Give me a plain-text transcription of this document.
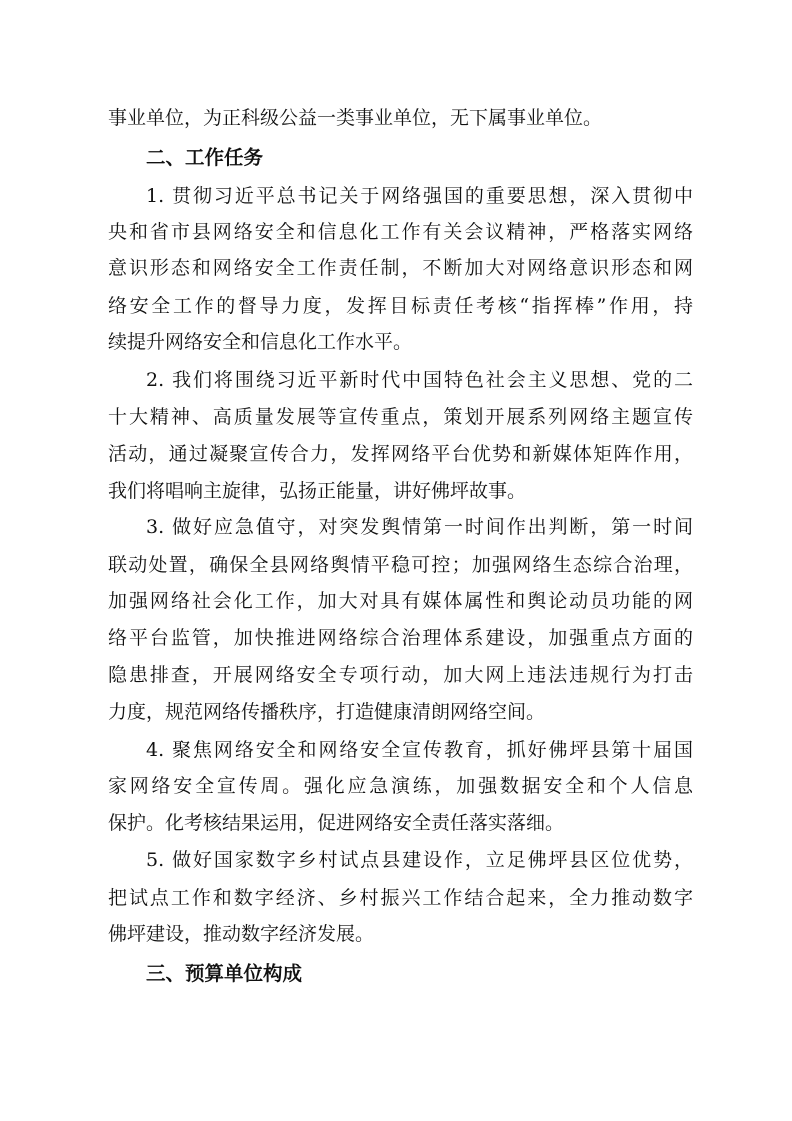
事业单位，为正科级公益一类事业单位，无下属事业单位。
二、工作任务
1. 贯彻习近平总书记关于网络强国的重要思想，深入贯彻中
央和省市县网络安全和信息化工作有关会议精神，严格落实网络
意识形态和网络安全工作责任制，不断加大对网络意识形态和网
络安全工作的督导力度，发挥目标责任考核“指挥棒”作用，持
续提升网络安全和信息化工作水平。
2. 我们将围绕习近平新时代中国特色社会主义思想、党的二
十大精神、高质量发展等宣传重点，策划开展系列网络主题宣传
活动，通过凝聚宣传合力，发挥网络平台优势和新媒体矩阵作用，
我们将唱响主旋律，弘扬正能量，讲好佛坪故事。
3. 做好应急值守，对突发舆情第一时间作出判断，第一时间
联动处置，确保全县网络舆情平稳可控；加强网络生态综合治理，
加强网络社会化工作，加大对具有媒体属性和舆论动员功能的网
络平台监管，加快推进网络综合治理体系建设，加强重点方面的
隐患排查，开展网络安全专项行动，加大网上违法违规行为打击
力度，规范网络传播秩序，打造健康清朗网络空间。
4. 聚焦网络安全和网络安全宣传教育，抓好佛坪县第十届国
家网络安全宣传周。强化应急演练，加强数据安全和个人信息
保护。化考核结果运用，促进网络安全责任落实落细。
5. 做好国家数字乡村试点县建设作，立足佛坪县区位优势，
把试点工作和数字经济、乡村振兴工作结合起来，全力推动数字
佛坪建设，推动数字经济发展。
三、预算单位构成
